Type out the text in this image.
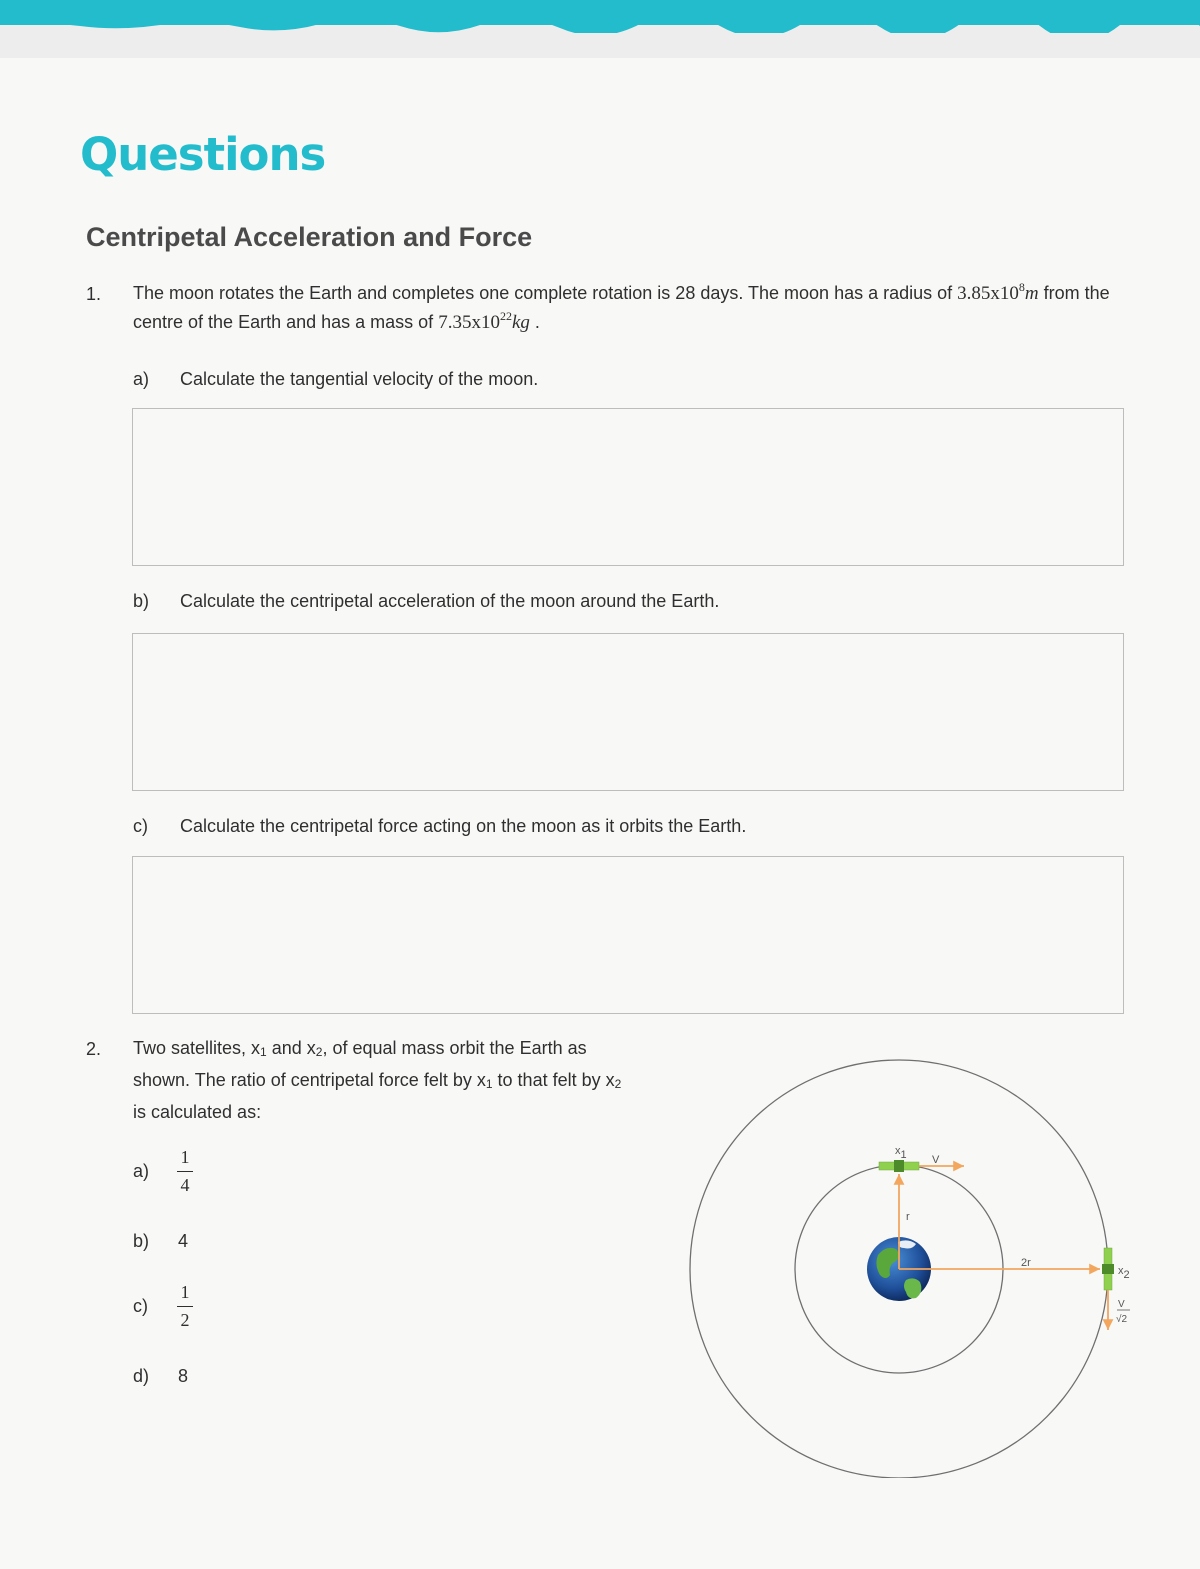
Questions
Centripetal Acceleration and Force
1. The moon rotates the Earth and completes one complete rotation is 28 days. The moon has a radius of $3.85x10^8m$ from the centre of the Earth and has a mass of $7.35x10^{22}kg$ .
a) Calculate the tangential velocity of the moon.
b) Calculate the centripetal acceleration of the moon around the Earth.
c) Calculate the centripetal force acting on the moon as it orbits the Earth.
2. Two satellites, $x_1$ and $x_2$, of equal mass orbit the Earth as
shown. The ratio of centripetal force felt by $x_1$ to that felt by $x_2$
is calculated as:
a)
1
4
b) 4
c)
1
2
d) 8
r
2r
x1 V
x2
V
√2
